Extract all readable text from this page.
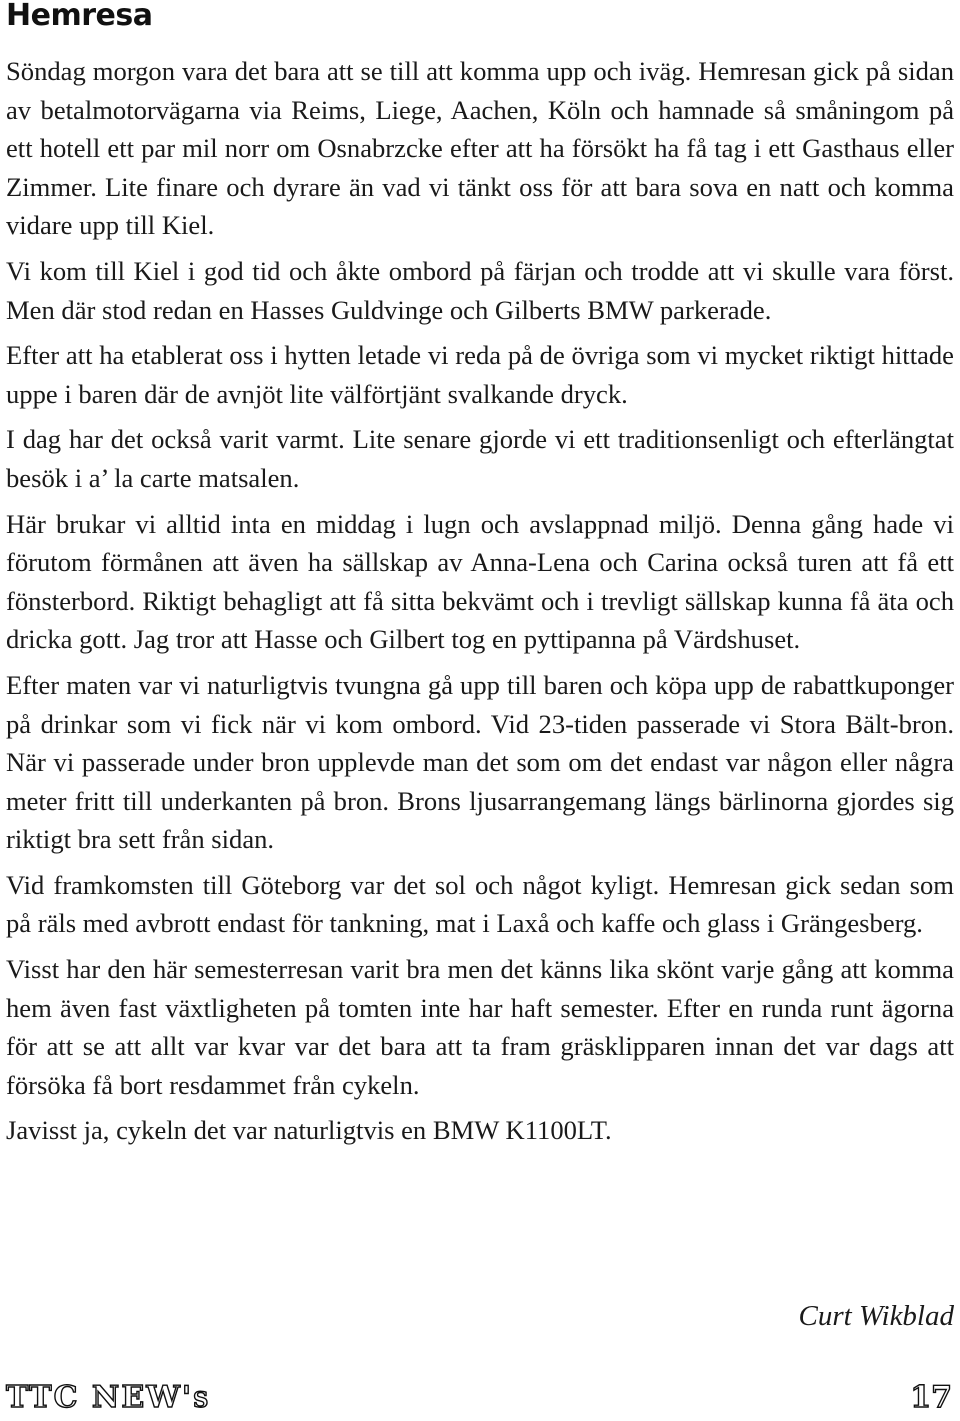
Hemresa

Söndag morgon vara det bara att se till att komma upp och iväg. Hemresan gick på sidan av betalmotorvägarna via Reims, Liege, Aachen, Köln och hamnade så småningom på ett hotell ett par mil norr om Osnabrzcke efter att ha försökt ha få tag i ett Gasthaus eller Zimmer. Lite finare och dyrare än vad vi tänkt oss för att bara sova en natt och komma vidare upp till Kiel.

Vi kom till Kiel i god tid och åkte ombord på färjan och trodde att vi skulle vara först. Men där stod redan en Hasses Guldvinge och Gilberts BMW parkerade.

Efter att ha etablerat oss i hytten letade vi reda på de övriga som vi mycket riktigt hittade uppe i baren där de avnjöt lite välförtjänt svalkande dryck.

I dag har det också varit varmt. Lite senare gjorde vi ett traditionsenligt och efterlängtat besök i a’ la carte matsalen.

Här brukar vi alltid inta en middag i lugn och avslappnad miljö. Denna gång hade vi förutom förmånen att även ha sällskap av Anna-Lena och Carina också turen att få ett fönsterbord. Riktigt behagligt att få sitta bekvämt och i trevligt sällskap kunna få äta och dricka gott. Jag tror att Hasse och Gilbert tog en pyttipanna på Värdshuset.

Efter maten var vi naturligtvis tvungna gå upp till baren och köpa upp de rabattkuponger på drinkar som vi fick när vi kom ombord. Vid 23-tiden passerade vi Stora Bält-bron. När vi passerade under bron upplevde man det som om det endast var någon eller några meter fritt till underkanten på bron. Brons ljusarrangemang längs bärlinorna gjordes sig riktigt bra sett från sidan.

Vid framkomsten till Göteborg var det sol och något kyligt. Hemresan gick sedan som på räls med avbrott endast för tankning, mat i Laxå och kaffe och glass i Grängesberg.

Visst har den här semesterresan varit bra men det känns lika skönt varje gång att komma hem även fast växtligheten på tomten inte har haft semester. Efter en runda runt ägorna för att se att allt var kvar var det bara att ta fram gräsklipparen innan det var dags att försöka få bort resdammet från cykeln.

Javisst ja, cykeln det var naturligtvis en BMW K1100LT.

Curt Wikblad
TTC NEW's	17
